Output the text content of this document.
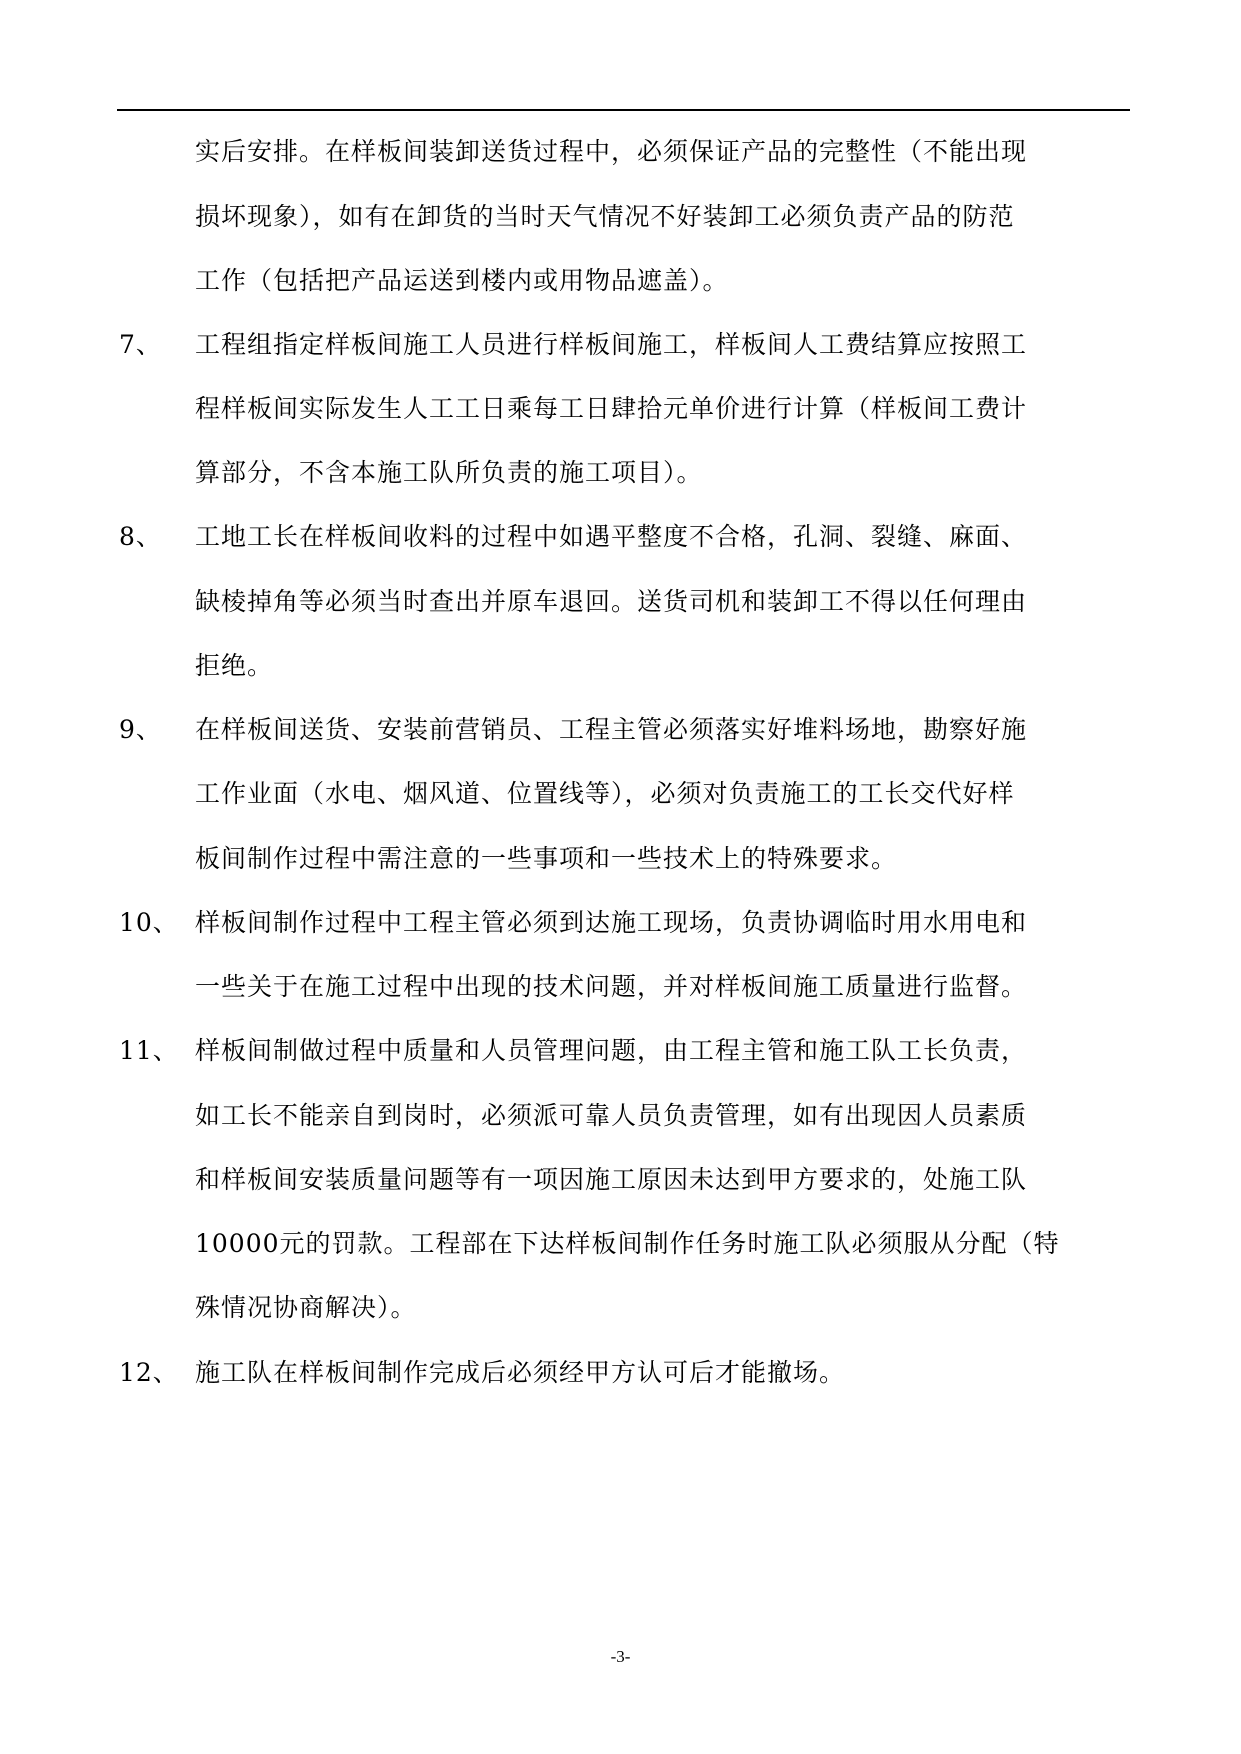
实后安排。在样板间装卸送货过程中，必须保证产品的完整性（不能出现
损坏现象），如有在卸货的当时天气情况不好装卸工必须负责产品的防范
工作（包括把产品运送到楼内或用物品遮盖）。
7、 工程组指定样板间施工人员进行样板间施工，样板间人工费结算应按照工
程样板间实际发生人工工日乘每工日肆拾元单价进行计算（样板间工费计
算部分，不含本施工队所负责的施工项目）。
8、 工地工长在样板间收料的过程中如遇平整度不合格，孔洞、裂缝、麻面、
缺棱掉角等必须当时查出并原车退回。送货司机和装卸工不得以任何理由
拒绝。
9、 在样板间送货、安装前营销员、工程主管必须落实好堆料场地，勘察好施
工作业面（水电、烟风道、位置线等），必须对负责施工的工长交代好样
板间制作过程中需注意的一些事项和一些技术上的特殊要求。
10、 样板间制作过程中工程主管必须到达施工现场，负责协调临时用水用电和
一些关于在施工过程中出现的技术问题，并对样板间施工质量进行监督。
11、 样板间制做过程中质量和人员管理问题，由工程主管和施工队工长负责，
如工长不能亲自到岗时，必须派可靠人员负责管理，如有出现因人员素质
和样板间安装质量问题等有一项因施工原因未达到甲方要求的，处施工队
10000元的罚款。工程部在下达样板间制作任务时施工队必须服从分配（特
殊情况协商解决）。
12、 施工队在样板间制作完成后必须经甲方认可后才能撤场。
-3-
